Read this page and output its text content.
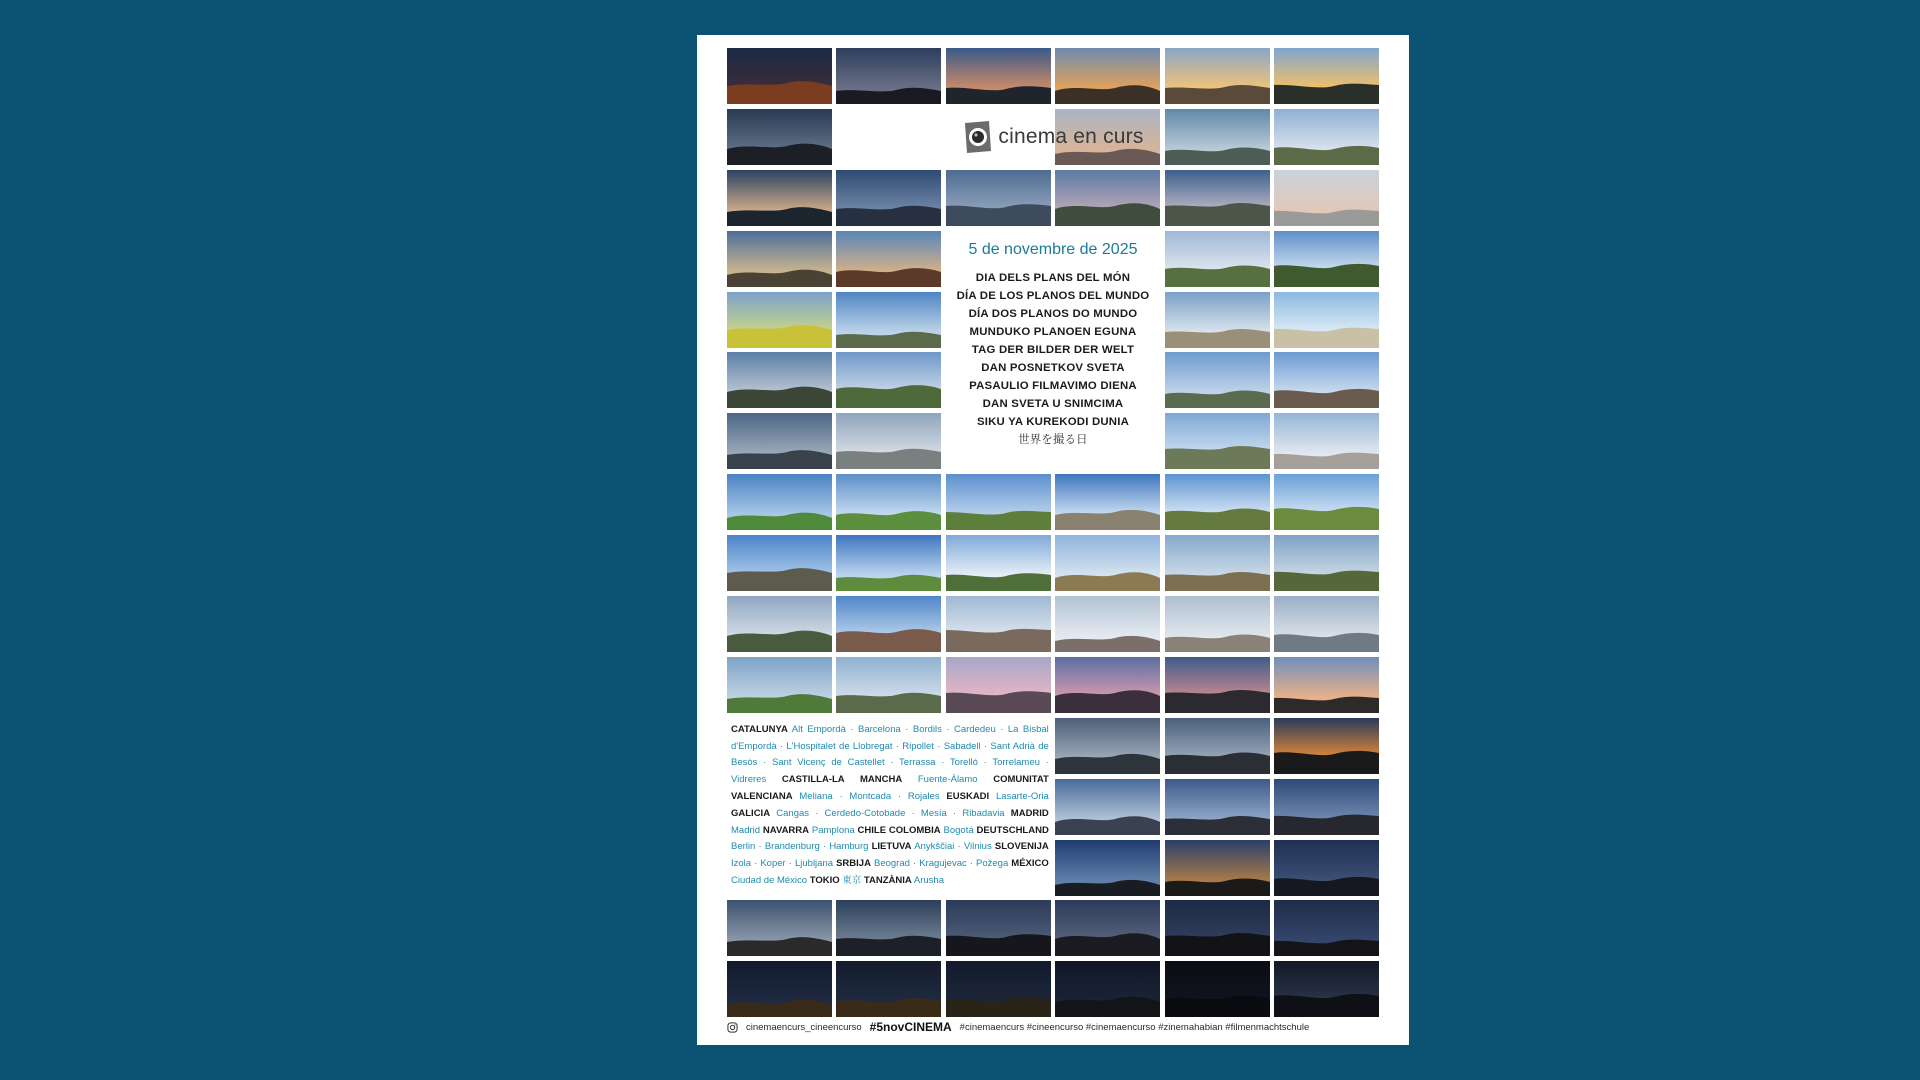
cinema en curs
5 de novembre de 2025
DIA DELS PLANS DEL MÓN
DÍA DE LOS PLANOS DEL MUNDO
DÍA DOS PLANOS DO MUNDO
MUNDUKO PLANOEN EGUNA
TAG DER BILDER DER WELT
DAN POSNETKOV SVETA
PASAULIO FILMAVIMO DIENA
DAN SVETA U SNIMCIMA
SIKU YA KUREKODI DUNIA
世界を撮る日
CATALUNYA Alt Empordà · Barcelona · Bordils · Cardedeu · La Bisbal d'Empordà · L'Hospitalet de Llobregat · Ripollet · Sabadell · Sant Adrià de Besòs · Sant Vicenç de Castellet · Terrassa · Torelló · Torrelameu · Vidreres CASTILLA-LA MANCHA Fuente-Álamo COMUNITAT VALENCIANA Meliana · Montcada · Rojales EUSKADI Lasarte-Oria GALICIA Cangas · Cerdedo-Cotobade · Mesía · Ribadavia MADRID Madrid NAVARRA Pamplona CHILE COLOMBIA Bogotá DEUTSCHLAND Berlin · Brandenburg · Hamburg LIETUVA Anykščiai · Vilnius SLOVENIJA Izola · Koper · Ljubljana SRBIJA Beograd · Kragujevac · Požega MÉXICO Ciudad de México TOKIO 東京 TANZÀNIA Arusha
cinemaencurs_cineencurso #5novCINEMA #cinemaencurs #cineencurso #cinemaencurso #zinemahabian #filmenmachtschule
